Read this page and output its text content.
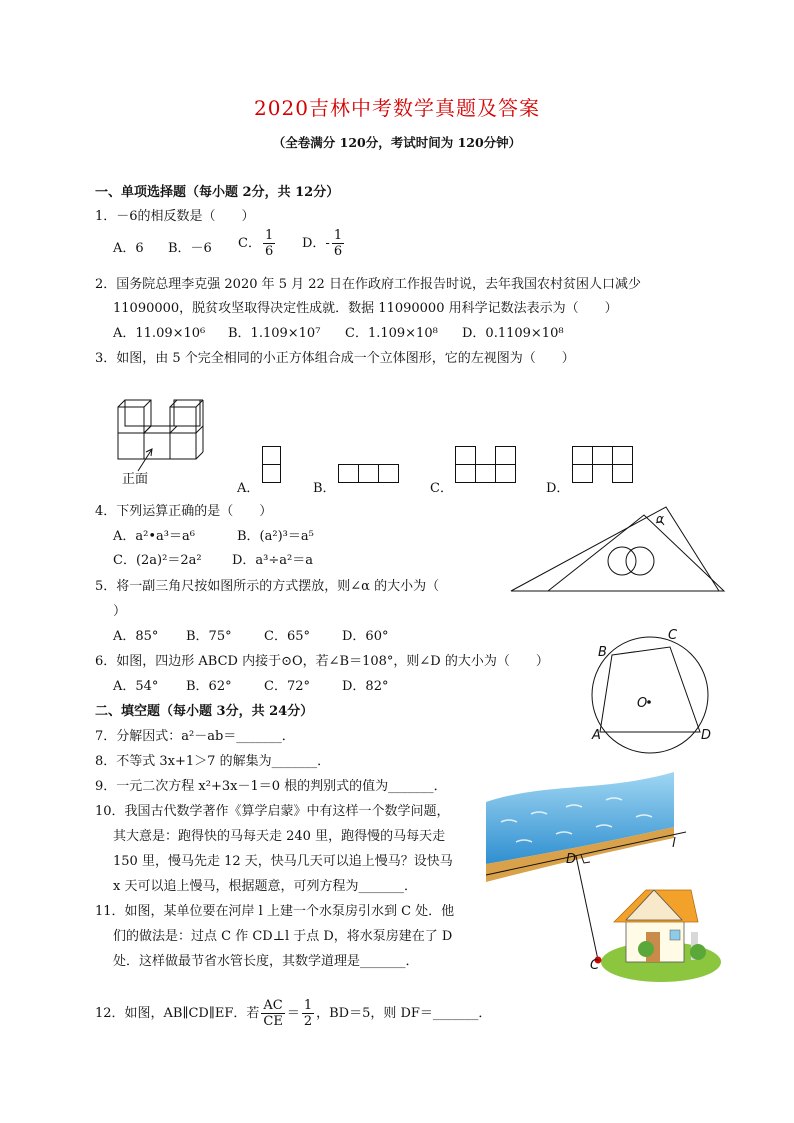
2020吉林中考数学真题及答案
（全卷满分 120分，考试时间为 120分钟）
一、单项选择题（每小题 2分，共 12分）
1．－6的相反数是（　　）
A．6 B．－6 C． $\frac{1}{6}$ D．- $\frac{1}{6}$
2．国务院总理李克强 2020 年 5 月 22 日在作政府工作报告时说，去年我国农村贫困人口减少
11090000，脱贫攻坚取得决定性成就．数据 11090000 用科学记数法表示为（　　）
A．11.09×10⁶ B．1.109×10⁷ C．1.109×10⁸ D．0.1109×10⁸
3．如图，由 5 个完全相同的小正方体组合成一个立体图形，它的左视图为（　　）
正面
A．	B．	C．	D．
4．下列运算正确的是（　　）
A．a²•a³＝a⁶	B．(a²)³＝a⁵
C．(2a)²＝2a² D．a³÷a²＝a
α
5．将一副三角尺按如图所示的方式摆放，则∠α 的大小为（
）
A．85° B．75° C．65° D．60°
B
C
O
A	D
6．如图，四边形 ABCD 内接于⊙O，若∠B＝108°，则∠D 的大小为（　　）
A．54° B．62° C．72° D．82°
二、填空题（每小题 3分，共 24分）
7．分解因式：a²－ab＝_______．
8．不等式 3x+1＞7 的解集为_______．
9．一元二次方程 x²+3x－1＝0 根的判别式的值为_______．
10．我国古代数学著作《算学启蒙》中有这样一个数学问题，
其大意是：跑得快的马每天走 240 里，跑得慢的马每天走
150 里，慢马先走 12 天，快马几天可以追上慢马？设快马
x 天可以追上慢马，根据题意，可列方程为_______．
D
l
C
11．如图，某单位要在河岸 l 上建一个水泵房引水到 C 处．他
们的做法是：过点 C 作 CD⊥l 于点 D，将水泵房建在了 D
处．这样做最节省水管长度，其数学道理是_______．
12．如图，AB∥CD∥EF．若 $\frac{AC}{CE} = \frac{1}{2}$ ，BD＝5，则 DF＝_______．
